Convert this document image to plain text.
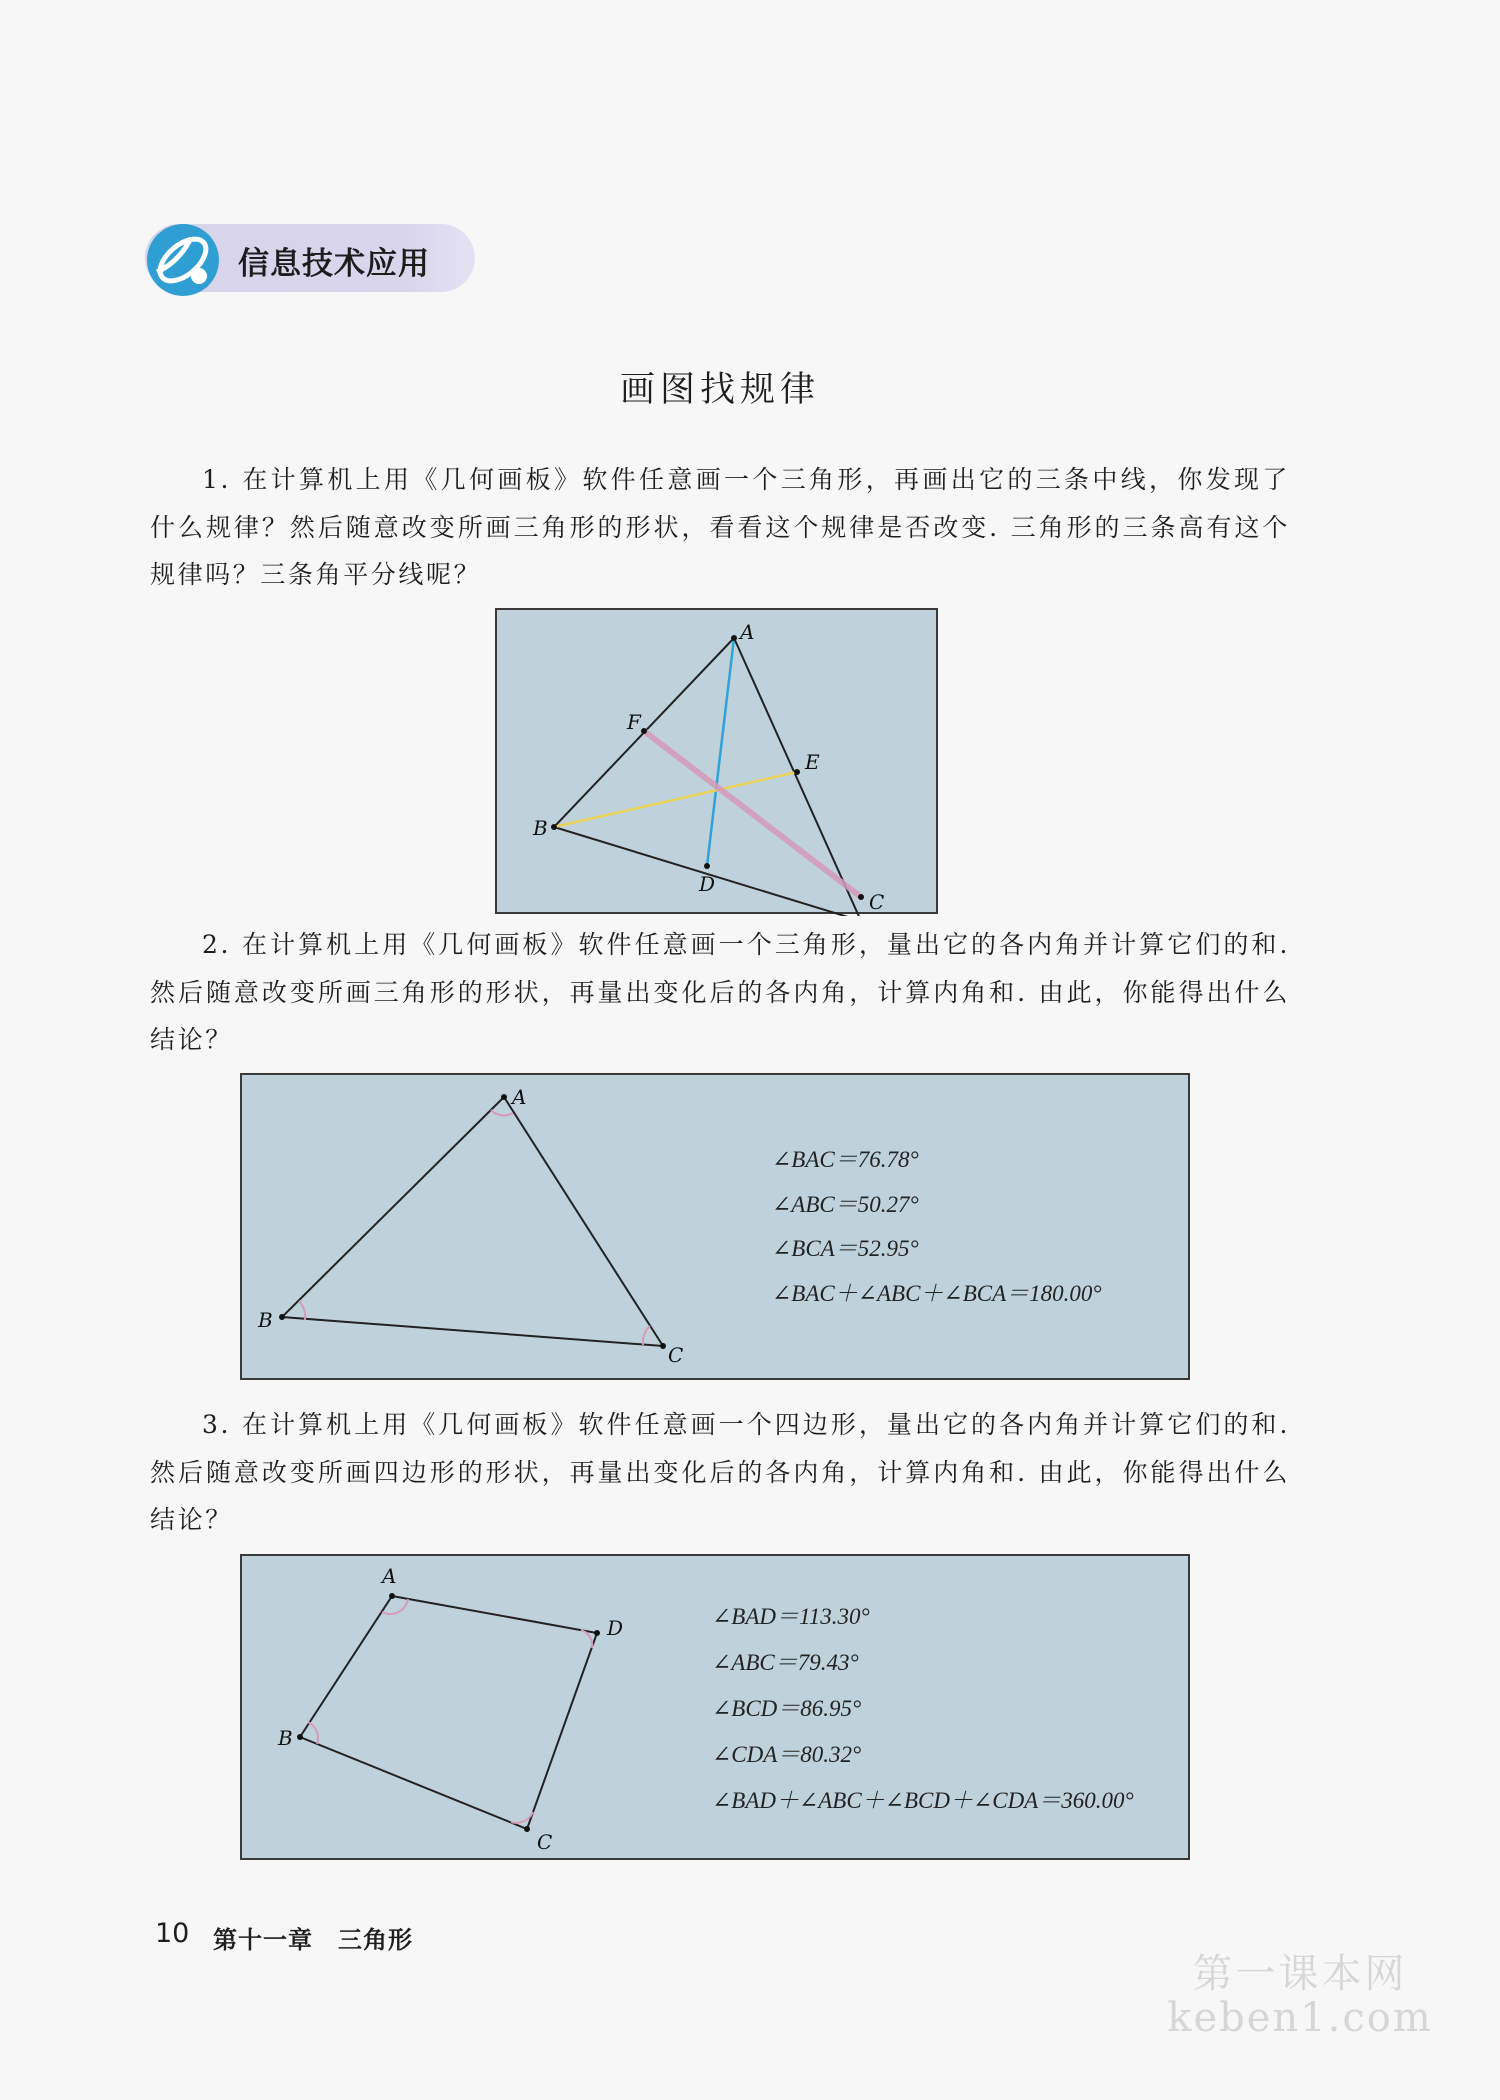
信息技术应用
画图找规律

1. 在计算机上用《几何画板》软件任意画一个三角形，再画出它的三条中线，你发现了什么规律？然后随意改变所画三角形的形状，看看这个规律是否改变. 三角形的三条高有这个规律吗？三条角平分线呢？

A
B
C
D
E
F

2. 在计算机上用《几何画板》软件任意画一个三角形，量出它的各内角并计算它们的和. 然后随意改变所画三角形的形状，再量出变化后的各内角，计算内角和. 由此，你能得出什么结论？

A
B
C
∠BAC＝76.78°
∠ABC＝50.27°
∠BCA＝52.95°
∠BAC＋∠ABC＋∠BCA＝180.00°

3. 在计算机上用《几何画板》软件任意画一个四边形，量出它的各内角并计算它们的和. 然后随意改变所画四边形的形状，再量出变化后的各内角，计算内角和. 由此，你能得出什么结论？

A
D
B
C
∠BAD＝113.30°
∠ABC＝79.43°
∠BCD＝86.95°
∠CDA＝80.32°
∠BAD＋∠ABC＋∠BCD＋∠CDA＝360.00°
10 第十一章　三角形
第一课本网
keben1.com
